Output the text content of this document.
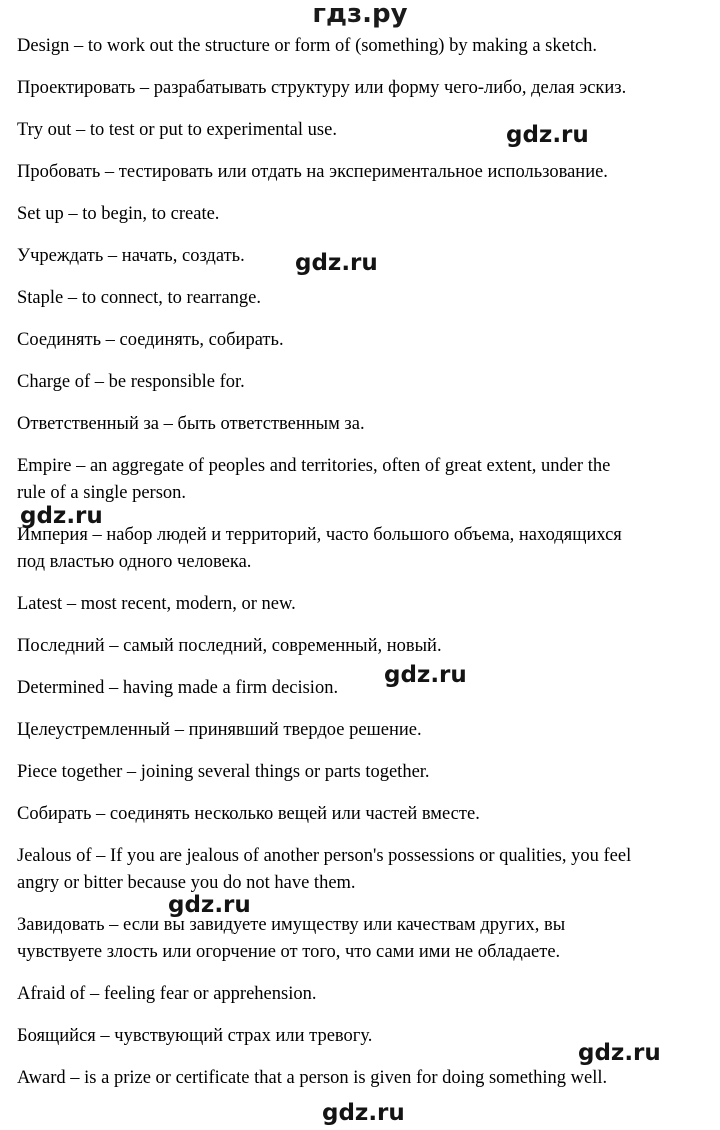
гдз.ру
Design – to work out the structure or form of (something) by making a sketch.
Проектировать – разрабатывать структуру или форму чего-либо, делая эскиз.
Try out – to test or put to experimental use.
Пробовать – тестировать или отдать на экспериментальное использование.
Set up – to begin, to create.
Учреждать – начать, создать.
Staple – to connect, to rearrange.
Соединять – соединять, собирать.
Charge of – be responsible for.
Ответственный за – быть ответственным за.
Empire – an aggregate of peoples and territories, often of great extent, under the
rule of a single person.
Империя – набор людей и территорий, часто большого объема, находящихся
под властью одного человека.
Latest – most recent, modern, or new.
Последний – самый последний, современный, новый.
Determined – having made a firm decision.
Целеустремленный – принявший твердое решение.
Piece together – joining several things or parts together.
Собирать – соединять несколько вещей или частей вместе.
Jealous of – If you are jealous of another person's possessions or qualities, you feel
angry or bitter because you do not have them.
Завидовать – если вы завидуете имуществу или качествам других, вы
чувствуете злость или огорчение от того, что сами ими не обладаете.
Afraid of – feeling fear or apprehension.
Боящийся – чувствующий страх или тревогу.
Award – is a prize or certificate that a person is given for doing something well.
gdz.ru
gdz.ru
gdz.ru
gdz.ru
gdz.ru
gdz.ru
gdz.ru
